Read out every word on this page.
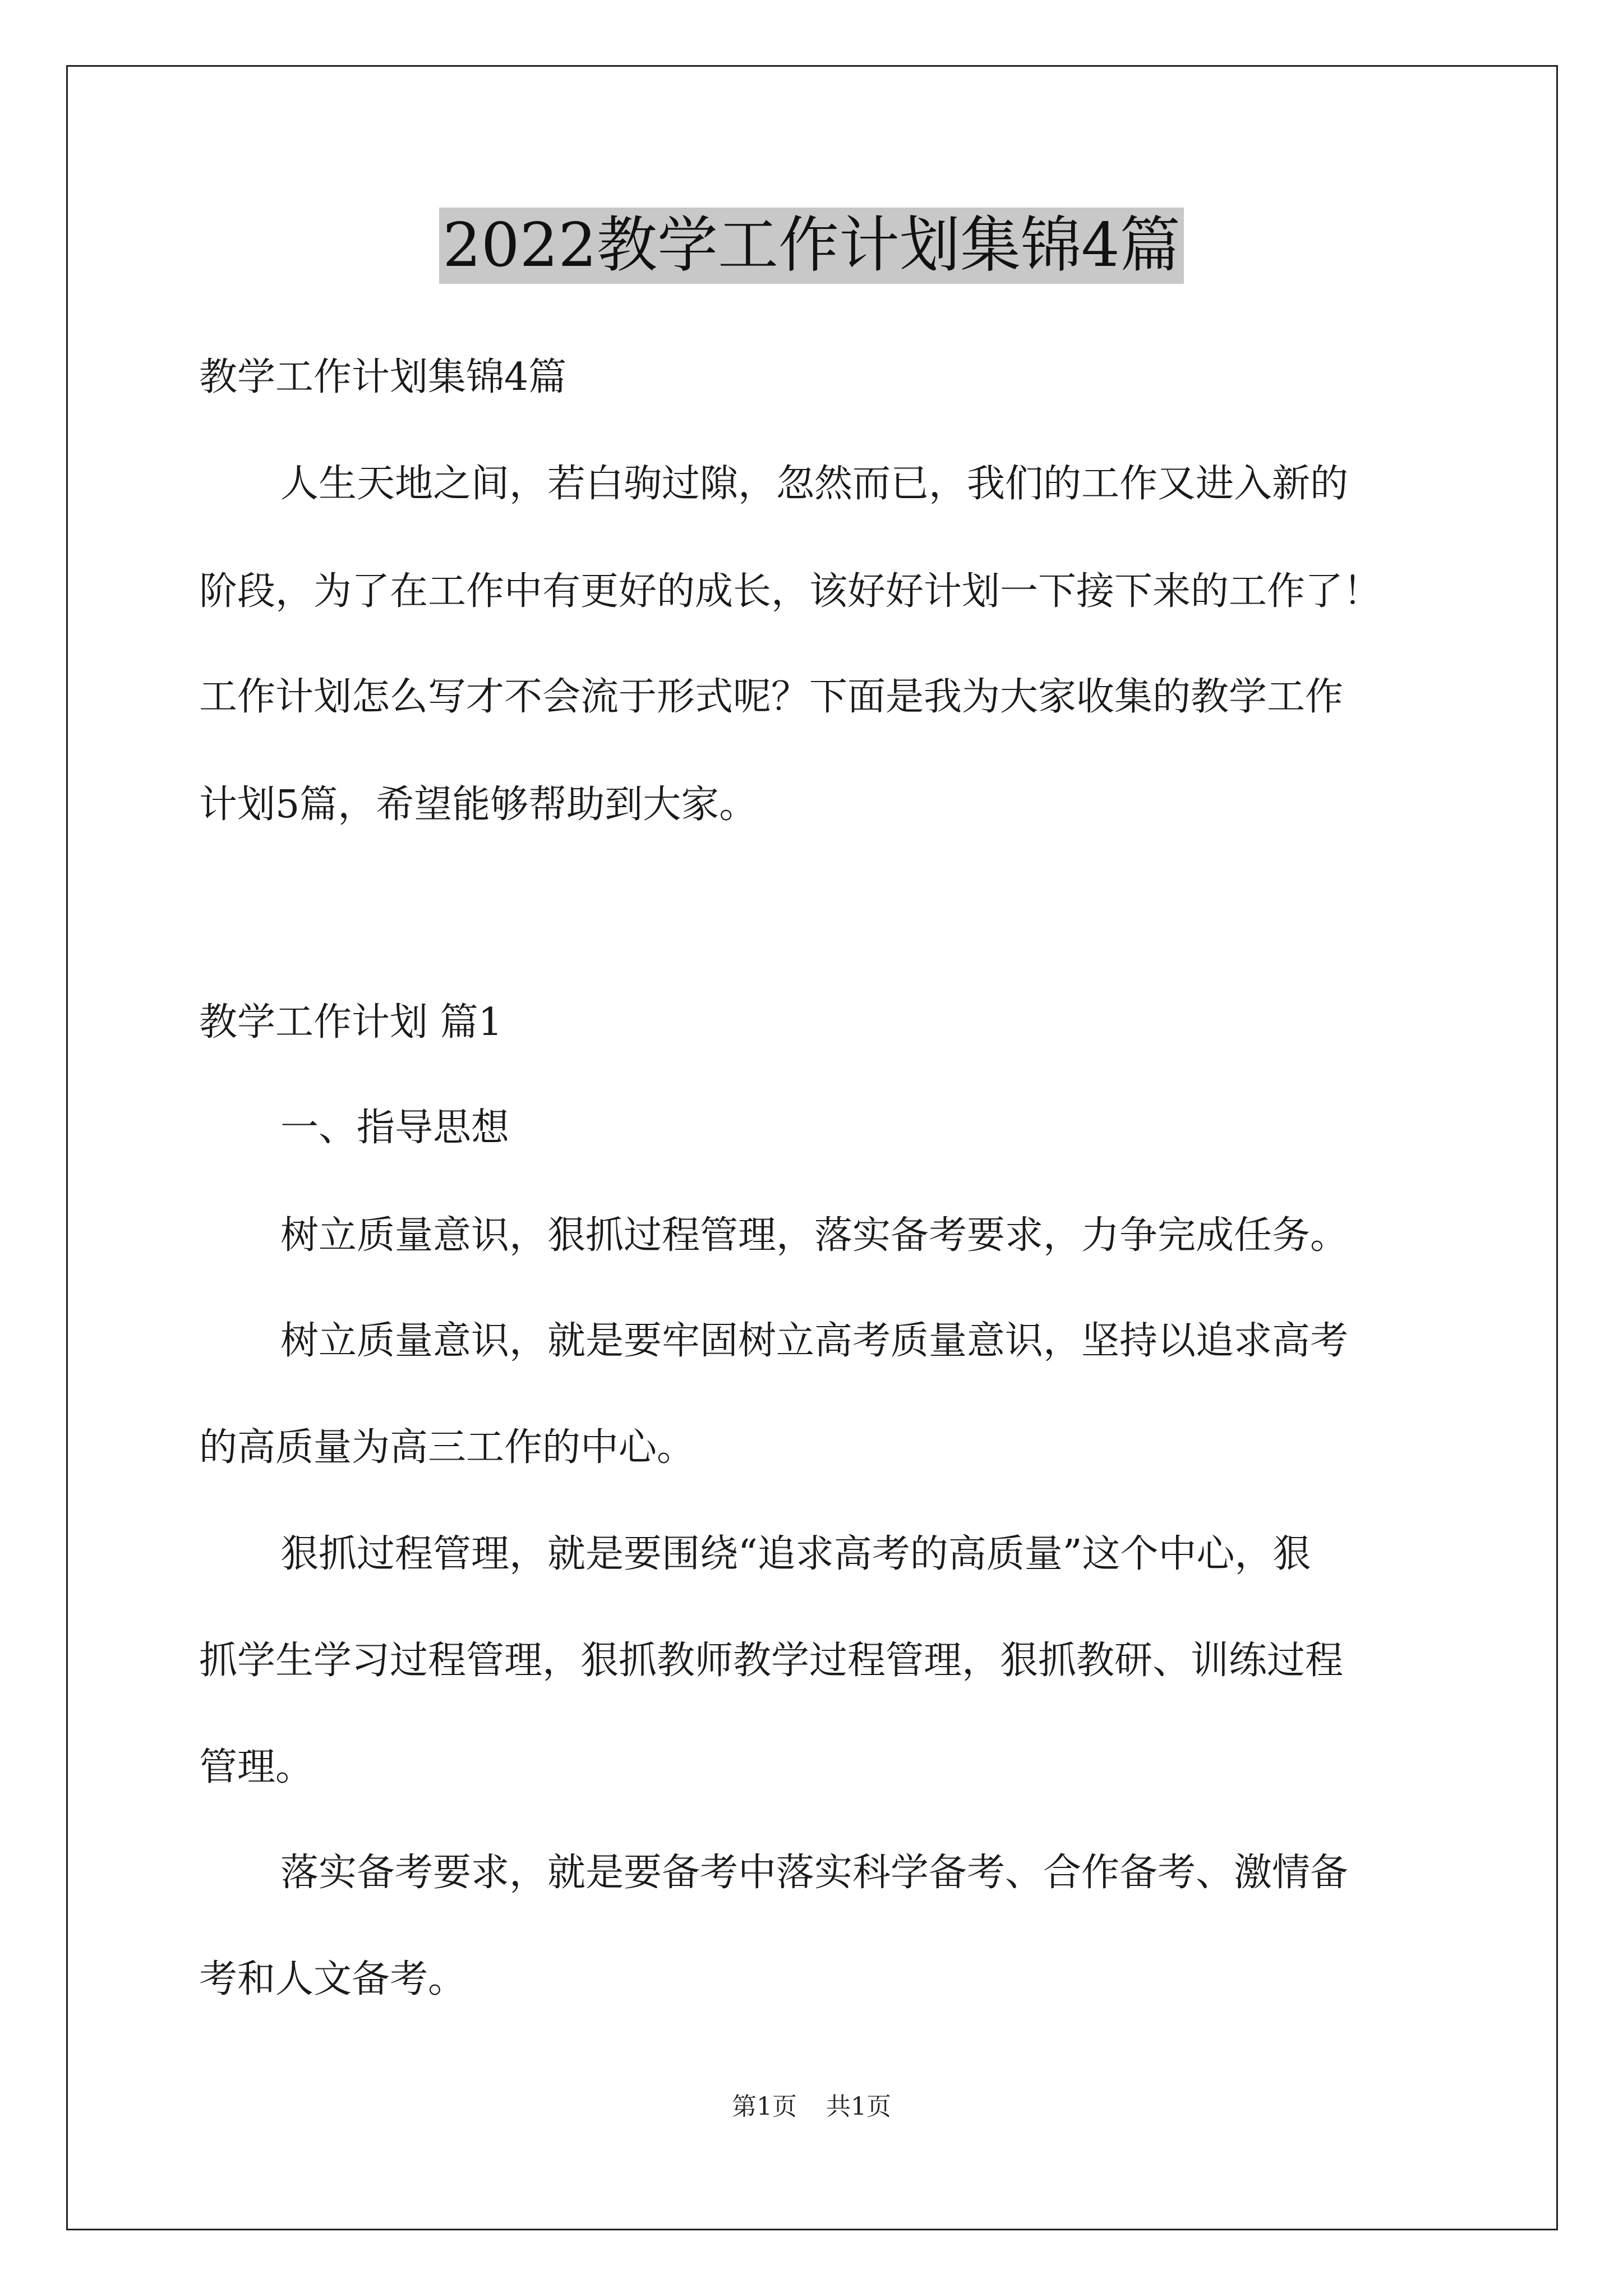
2022教学工作计划集锦4篇
教学工作计划集锦4篇
人生天地之间，若白驹过隙，忽然而已，我们的工作又进入新的
阶段，为了在工作中有更好的成长，该好好计划一下接下来的工作了！
工作计划怎么写才不会流于形式呢？下面是我为大家收集的教学工作
计划5篇，希望能够帮助到大家。
教学工作计划 篇1
一、指导思想
树立质量意识，狠抓过程管理，落实备考要求，力争完成任务。
树立质量意识，就是要牢固树立高考质量意识，坚持以追求高考
的高质量为高三工作的中心。
狠抓过程管理，就是要围绕“追求高考的高质量”这个中心，狠
抓学生学习过程管理，狠抓教师教学过程管理，狠抓教研、训练过程
管理。
落实备考要求，就是要备考中落实科学备考、合作备考、激情备
考和人文备考。
第1页 共1页
